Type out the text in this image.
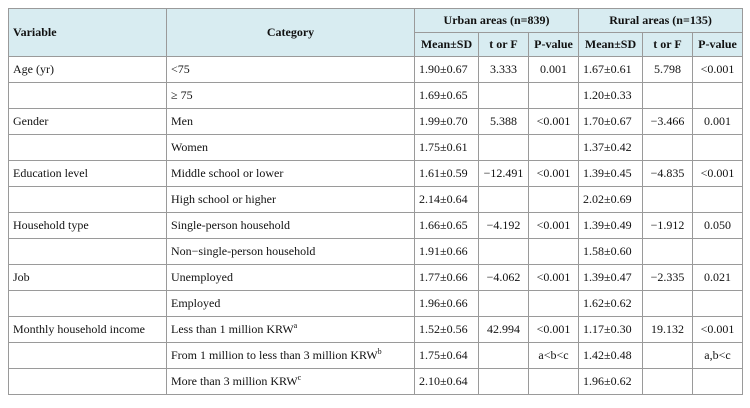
Variable	Category	Urban areas (n=839)			Rural areas (n=135)		
		Mean±SD	t or F	P-value	Mean±SD	t or F	P-value
Age (yr)	<75	1.90±0.67	3.333	0.001	1.67±0.61	5.798	<0.001
	≥ 75	1.69±0.65			1.20±0.33		
Gender	Men	1.99±0.70	5.388	<0.001	1.70±0.67	−3.466	0.001
	Women	1.75±0.61			1.37±0.42		
Education level	Middle school or lower	1.61±0.59	−12.491	<0.001	1.39±0.45	−4.835	<0.001
	High school or higher	2.14±0.64			2.02±0.69		
Household type	Single-person household	1.66±0.65	−4.192	<0.001	1.39±0.49	−1.912	0.050
	Non−single-person household	1.91±0.66			1.58±0.60		
Job	Unemployed	1.77±0.66	−4.062	<0.001	1.39±0.47	−2.335	0.021
	Employed	1.96±0.66			1.62±0.62		
Monthly household income	Less than 1 million KRW$^a$	1.52±0.56	42.994	<0.001	1.17±0.30	19.132	<0.001
	From 1 million to less than 3 million KRW$^b$	1.75±0.64		a<b<c	1.42±0.48		a,b<c
	More than 3 million KRW$^c$	2.10±0.64			1.96±0.62		
